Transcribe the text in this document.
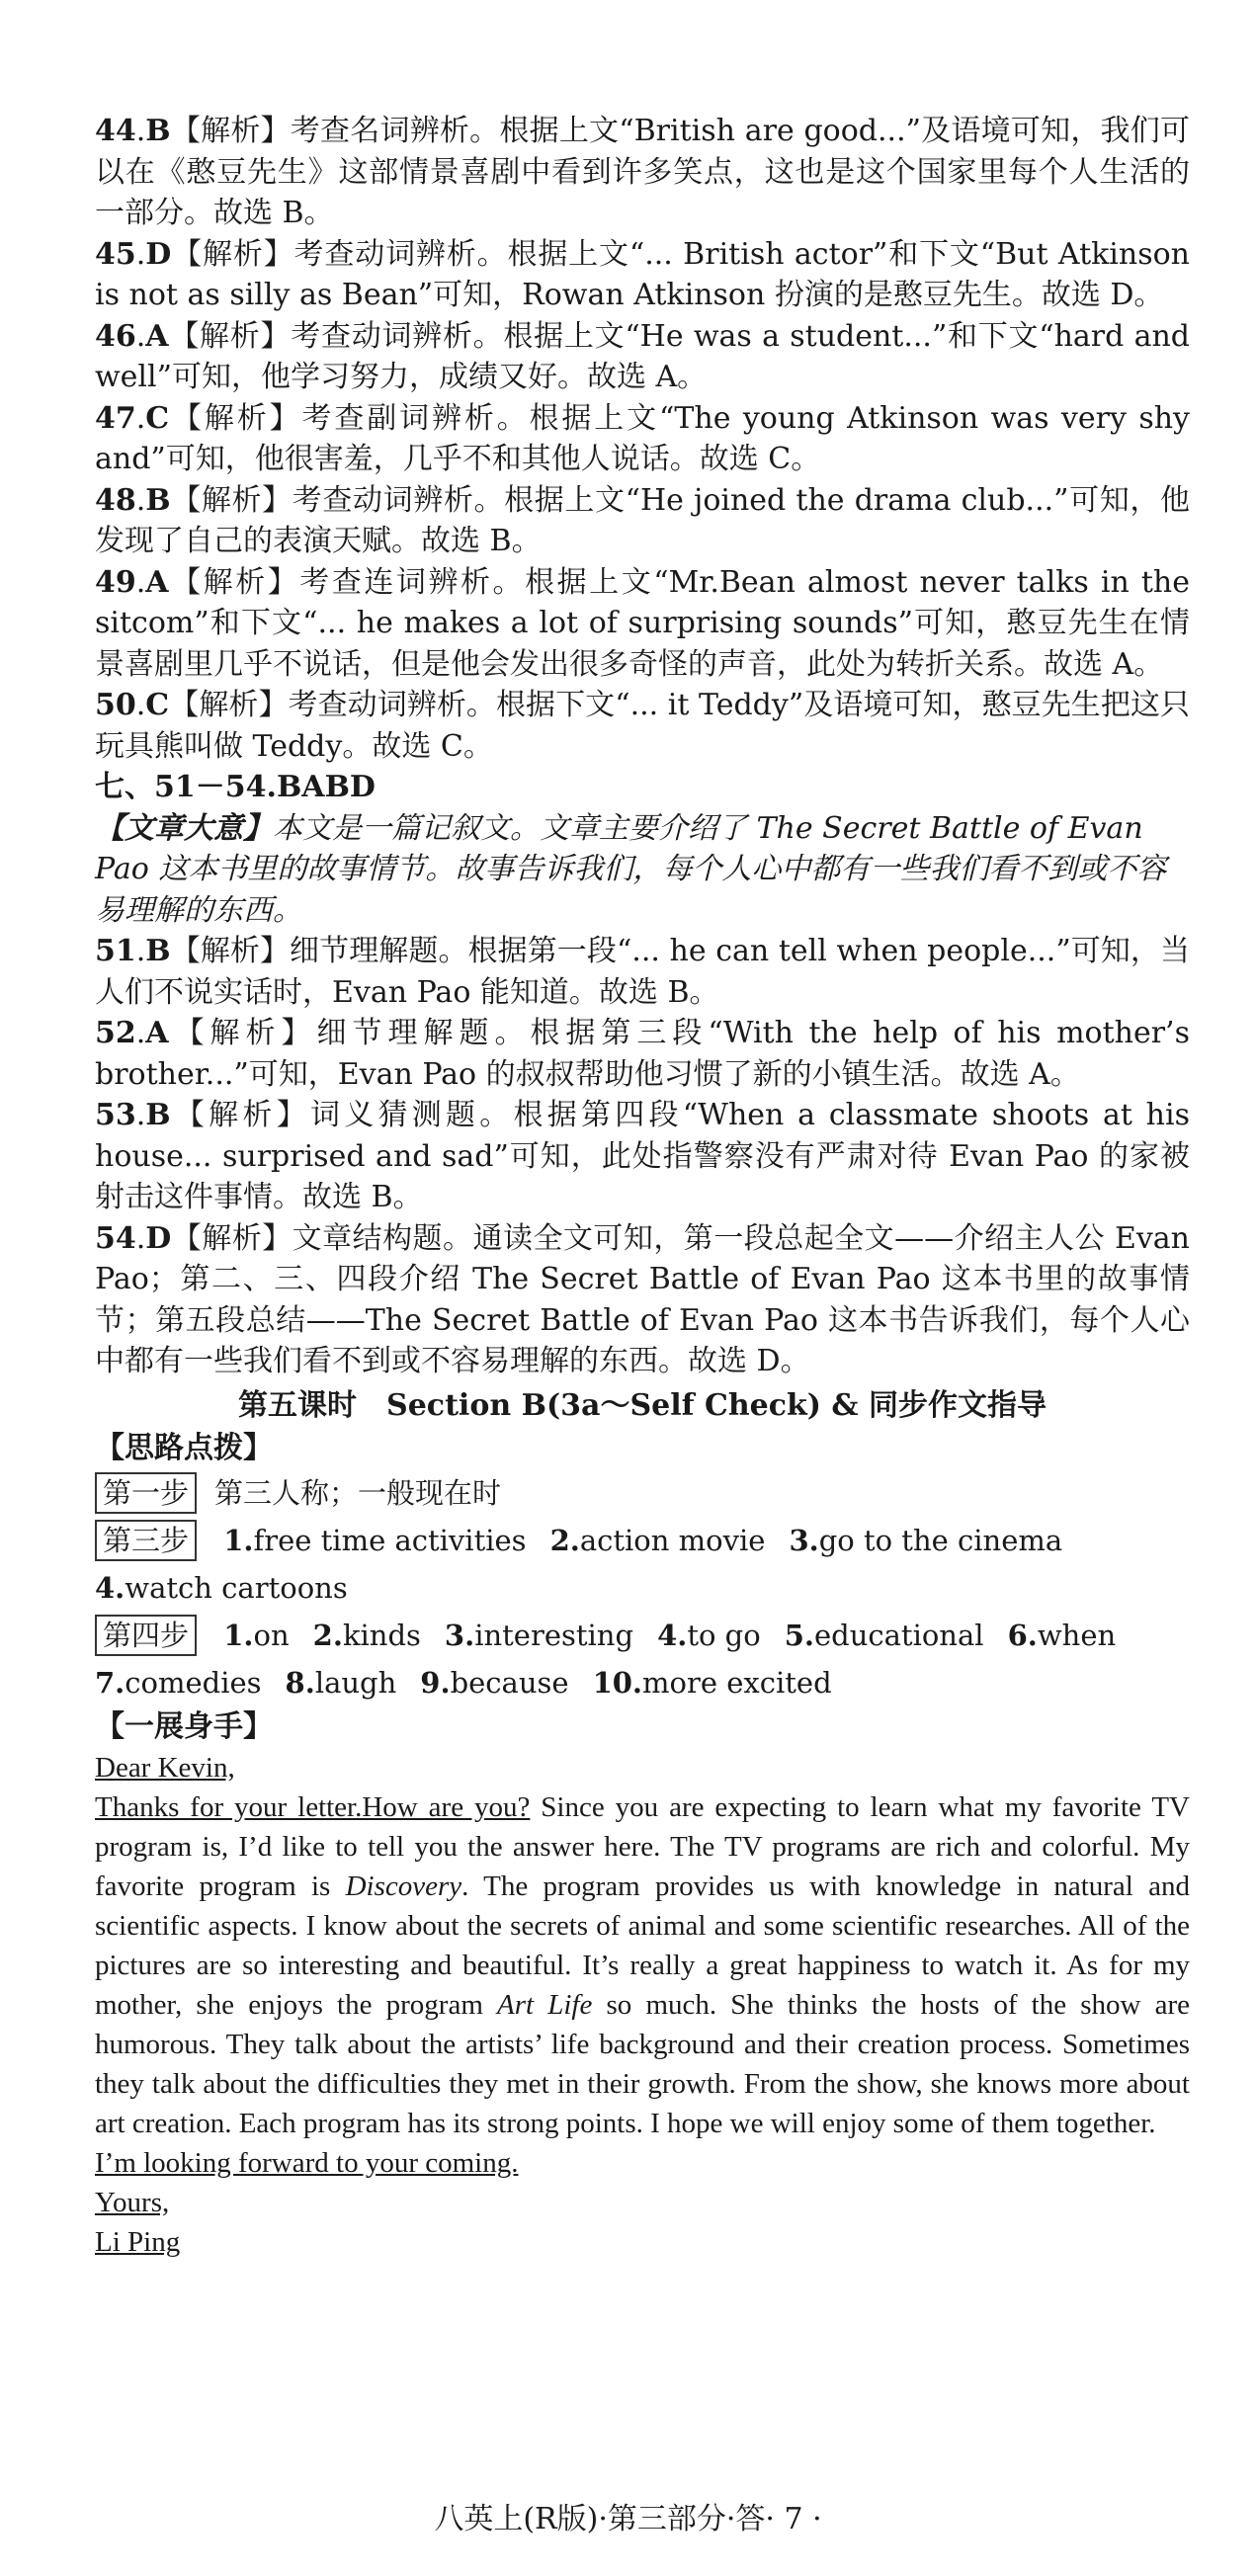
44.B【解析】考查名词辨析。根据上文“British are good...”及语境可知，我们可以在《憨豆先生》这部情景喜剧中看到许多笑点，这也是这个国家里每个人生活的一部分。故选 B。

45.D【解析】考查动词辨析。根据上文“... British actor”和下文“But Atkinson is not as silly as Bean”可知，Rowan Atkinson 扮演的是憨豆先生。故选 D。

46.A【解析】考查动词辨析。根据上文“He was a student...”和下文“hard and well”可知，他学习努力，成绩又好。故选 A。

47.C【解析】考查副词辨析。根据上文“The young Atkinson was very shy and”可知，他很害羞，几乎不和其他人说话。故选 C。

48.B【解析】考查动词辨析。根据上文“He joined the drama club...”可知，他发现了自己的表演天赋。故选 B。

49.A【解析】考查连词辨析。根据上文“Mr.Bean almost never talks in the sitcom”和下文“... he makes a lot of surprising sounds”可知，憨豆先生在情景喜剧里几乎不说话，但是他会发出很多奇怪的声音，此处为转折关系。故选 A。

50.C【解析】考查动词辨析。根据下文“... it Teddy”及语境可知，憨豆先生把这只玩具熊叫做 Teddy。故选 C。

七、51－54.BABD

【文章大意】本文是一篇记叙文。文章主要介绍了 The Secret Battle of Evan Pao 这本书里的故事情节。故事告诉我们，每个人心中都有一些我们看不到或不容易理解的东西。

51.B【解析】细节理解题。根据第一段“... he can tell when people...”可知，当人们不说实话时，Evan Pao 能知道。故选 B。

52.A【解析】细节理解题。根据第三段“With the help of his mother’s brother...”可知，Evan Pao 的叔叔帮助他习惯了新的小镇生活。故选 A。

53.B【解析】词义猜测题。根据第四段“When a classmate shoots at his house... surprised and sad”可知，此处指警察没有严肃对待 Evan Pao 的家被射击这件事情。故选 B。

54.D【解析】文章结构题。通读全文可知，第一段总起全文——介绍主人公 Evan Pao；第二、三、四段介绍 The Secret Battle of Evan Pao 这本书里的故事情节；第五段总结——The Secret Battle of Evan Pao 这本书告诉我们，每个人心中都有一些我们看不到或不容易理解的东西。故选 D。

第五课时　Section B(3a～Self Check) & 同步作文指导

【思路点拨】

第一步 第三人称；一般现在时

第三步 1.free time activities 2.action movie 3.go to the cinema

4.watch cartoons

第四步 1.on 2.kinds 3.interesting 4.to go 5.educational 6.when

7.comedies 8.laugh 9.because 10.more excited

【一展身手】

Dear Kevin,

Thanks for your letter.How are you? Since you are expecting to learn what my favorite TV program is, I’d like to tell you the answer here. The TV programs are rich and colorful. My favorite program is Discovery. The program provides us with knowledge in natural and scientific aspects. I know about the secrets of animal and some scientific researches. All of the pictures are so interesting and beautiful. It’s really a great happiness to watch it. As for my mother, she enjoys the program Art Life so much. She thinks the hosts of the show are humorous. They talk about the artists’ life background and their creation process. Sometimes they talk about the difficulties they met in their growth. From the show, she knows more about art creation. Each program has its strong points. I hope we will enjoy some of them together.

I’m looking forward to your coming.

Yours,

Li Ping

八英上(R版)·第三部分·答· 7 ·
